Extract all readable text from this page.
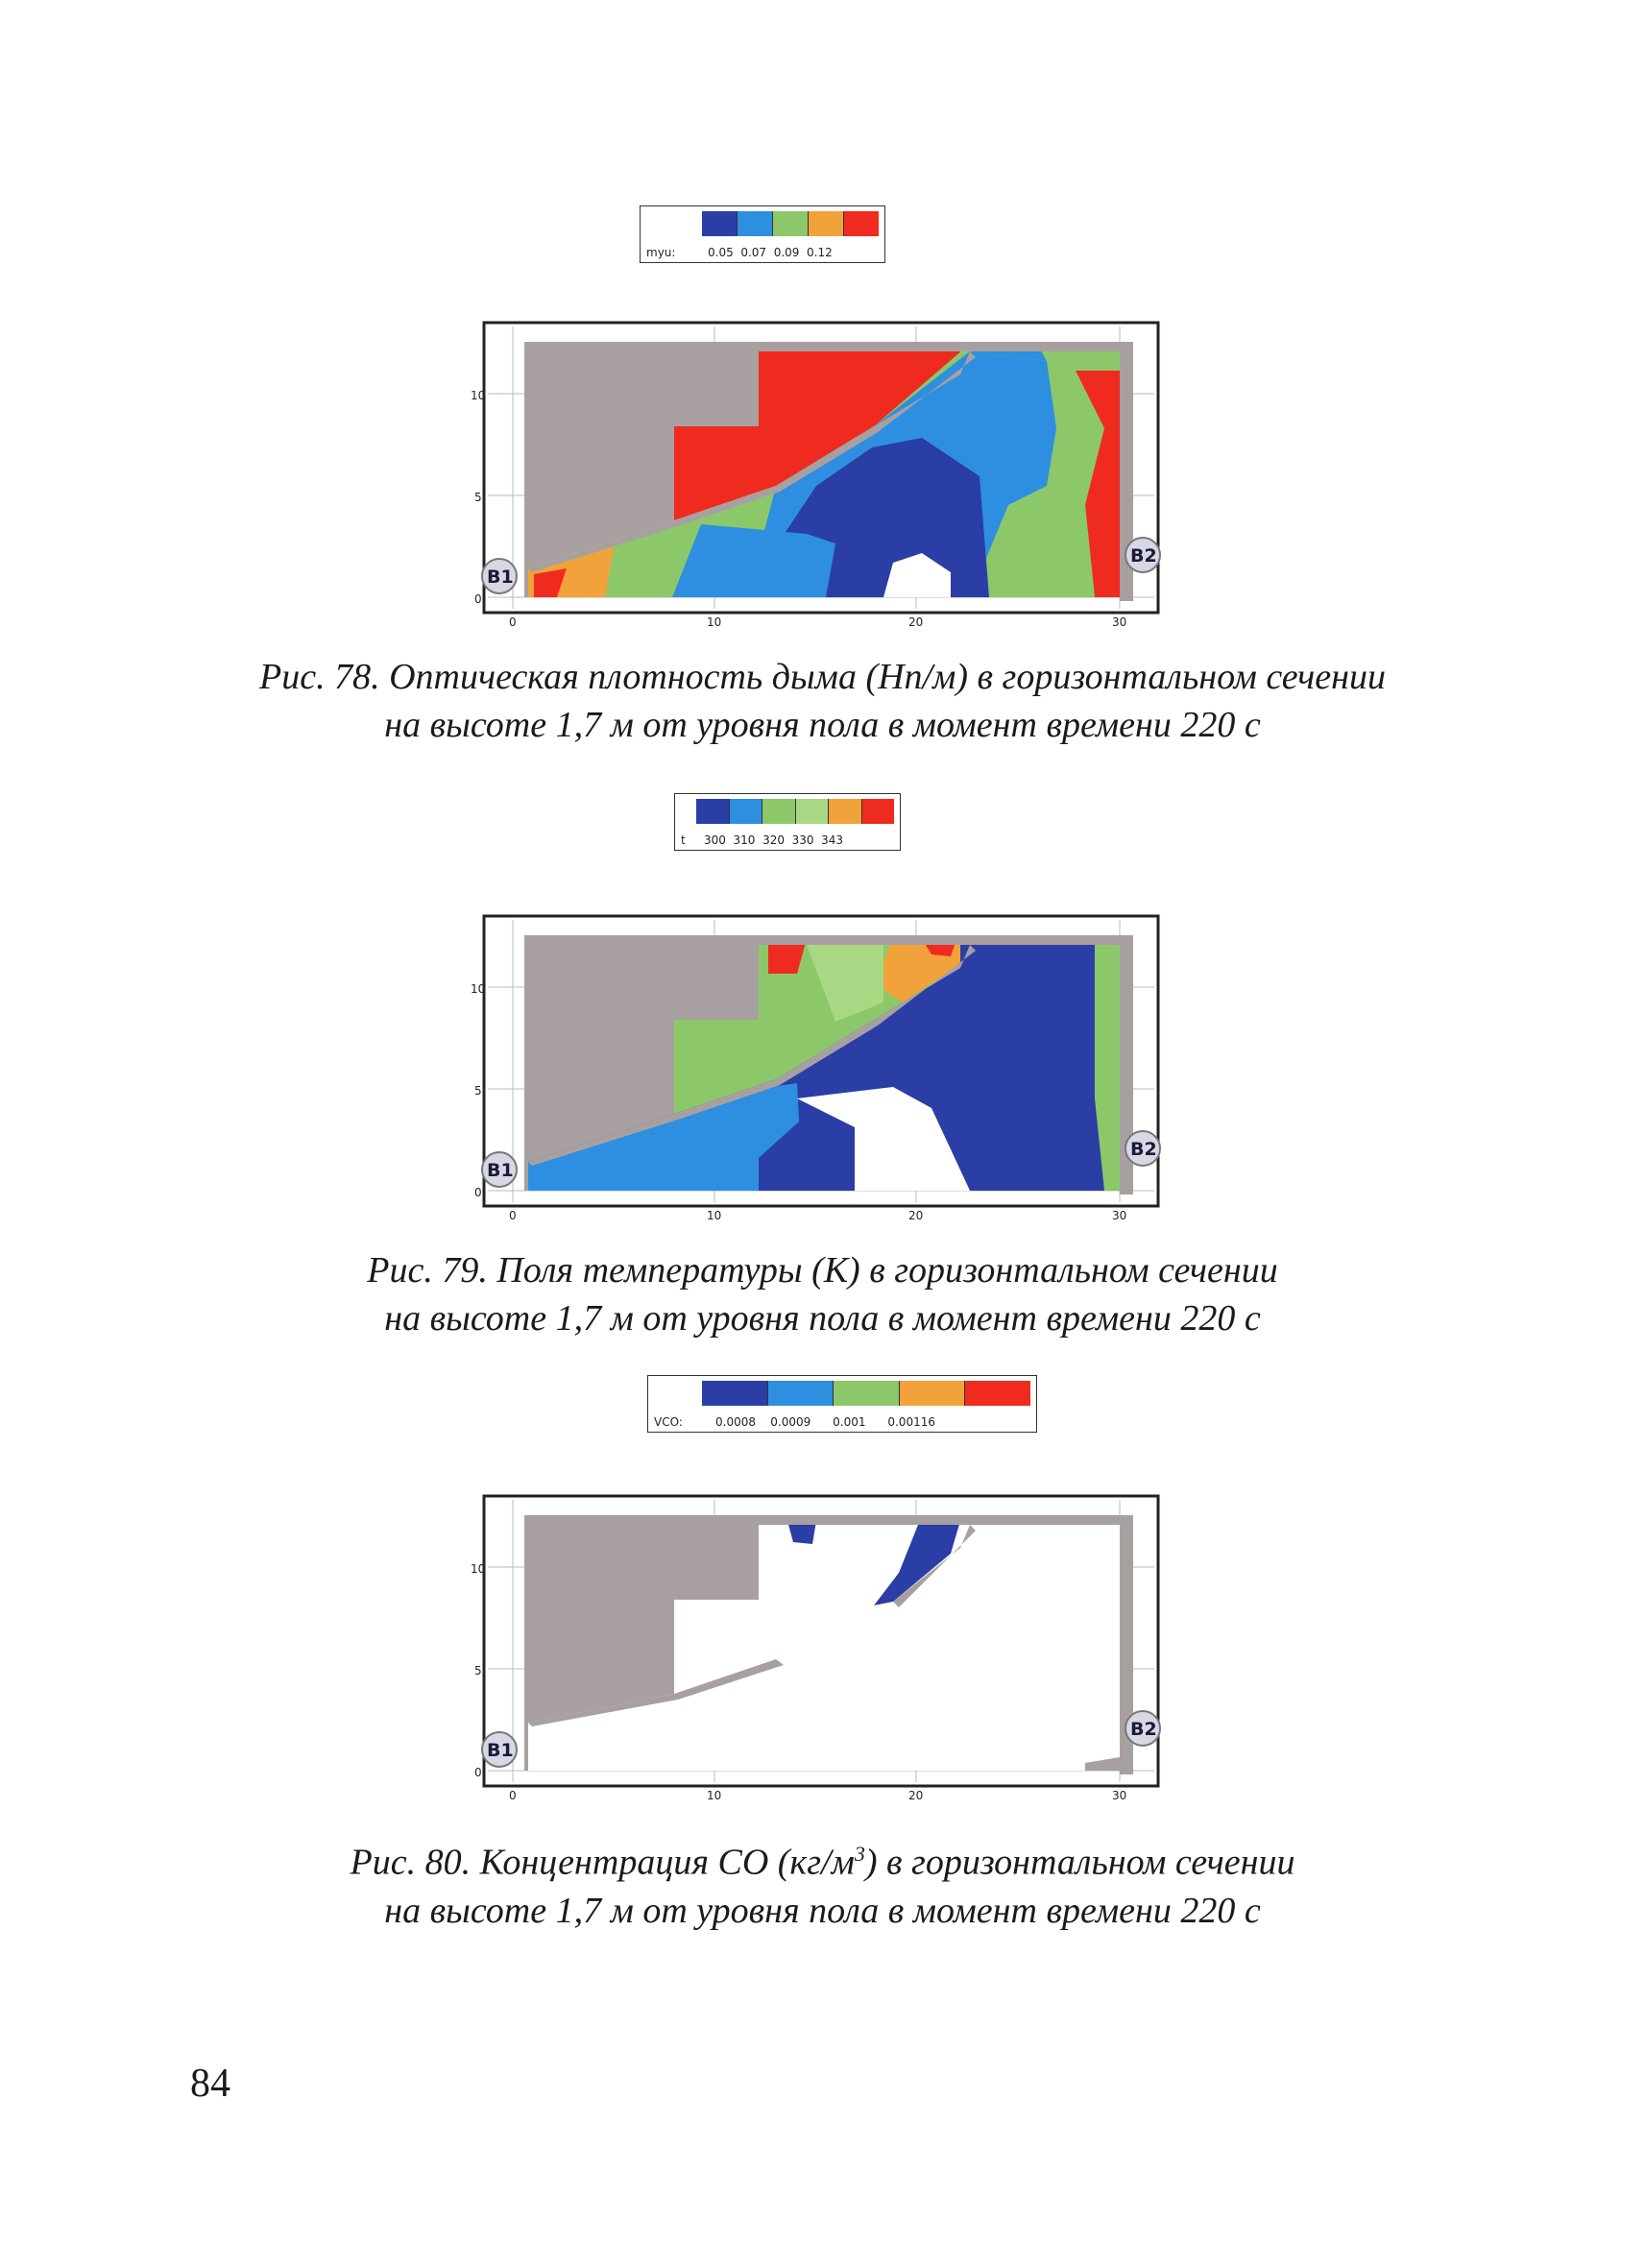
myu:	0.05  0.07  0.09  0.12
10
5
0
0	10	20	30
B1
B2
Рис. 78. Оптическая плотность дыма (Нп/м) в горизонтальном сечении
на высоте 1,7 м от уровня пола в момент времени 220 с
t 300  310  320  330  343
10
5
0
0	10	20	30
B1
B2
Рис. 79. Поля температуры (К) в горизонтальном сечении
на высоте 1,7 м от уровня пола в момент времени 220 с
VCO:	0.0008    0.0009      0.001      0.00116
10
5
0
0	10	20	30
B1
B2
Рис. 80. Концентрация CO $(кг/м^3)$ в горизонтальном сечении
на высоте 1,7 м от уровня пола в момент времени 220 с
84
